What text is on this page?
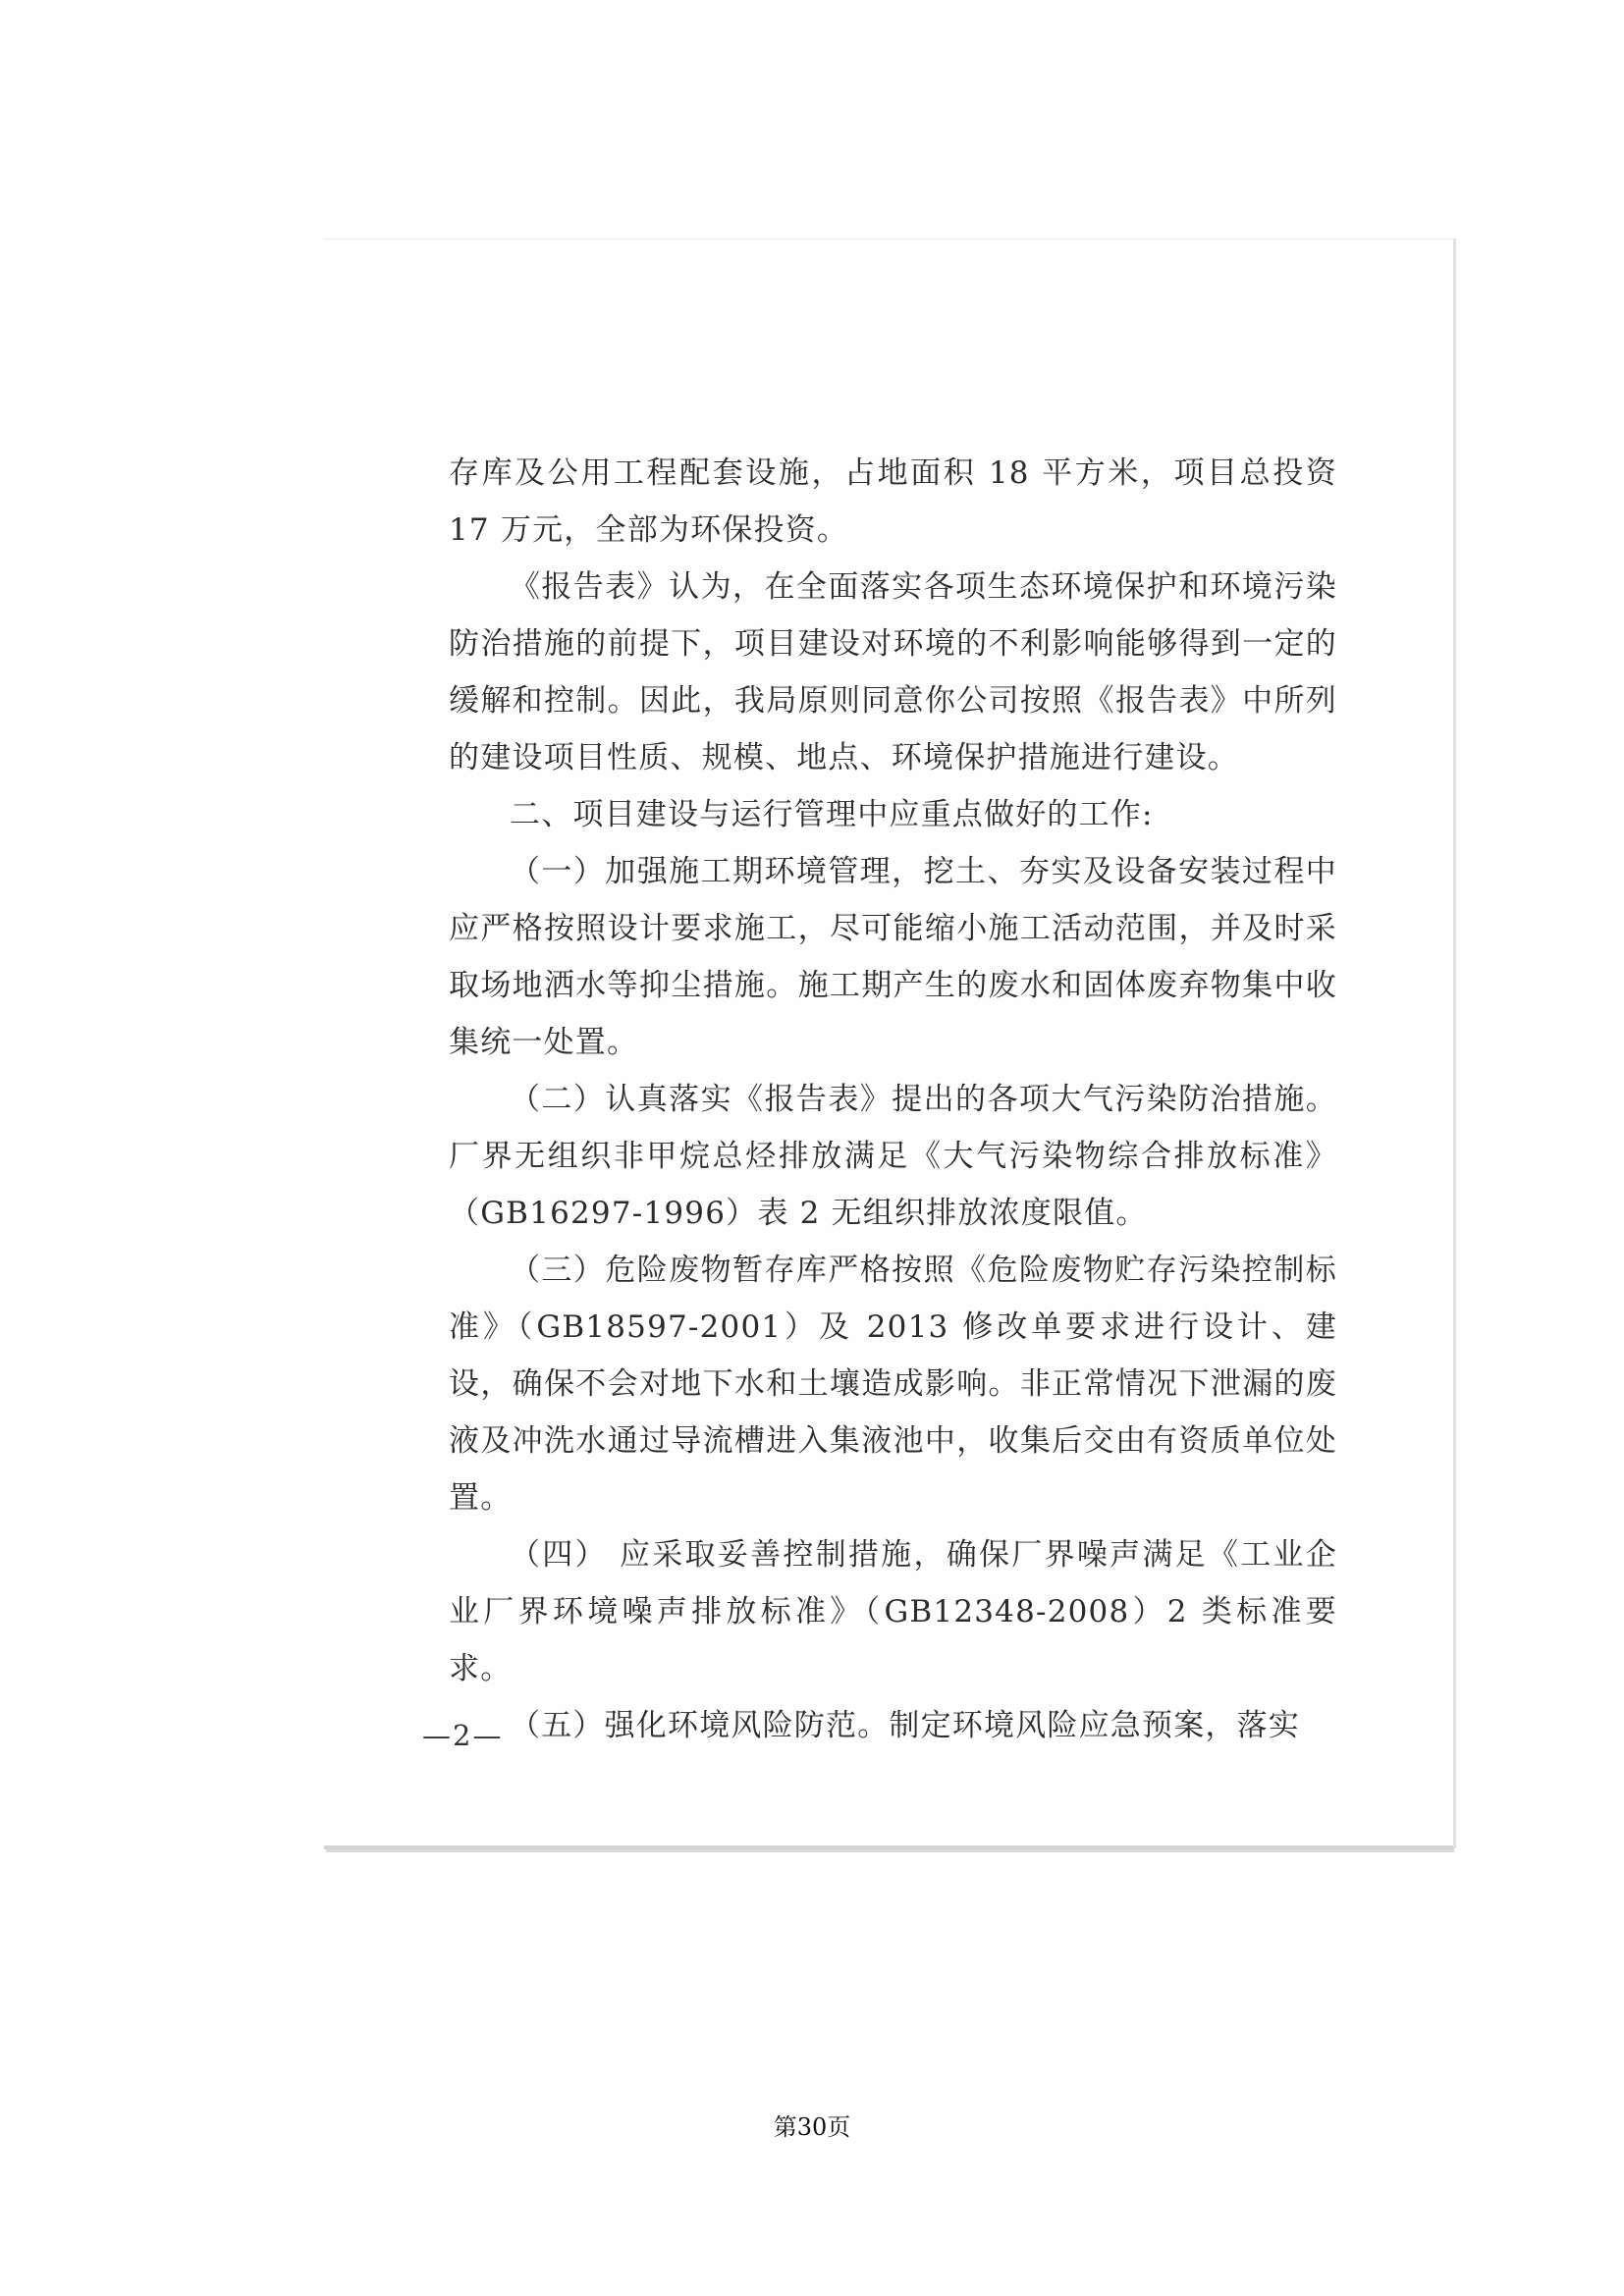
存库及公用工程配套设施，占地面积 18 平方米，项目总投资 17 万元，全部为环保投资。

《报告表》认为，在全面落实各项生态环境保护和环境污染防治措施的前提下，项目建设对环境的不利影响能够得到一定的缓解和控制。因此，我局原则同意你公司按照《报告表》中所列的建设项目性质、规模、地点、环境保护措施进行建设。

二、项目建设与运行管理中应重点做好的工作:

（一）加强施工期环境管理，挖土、夯实及设备安装过程中应严格按照设计要求施工，尽可能缩小施工活动范围，并及时采取场地洒水等抑尘措施。施工期产生的废水和固体废弃物集中收集统一处置。

（二）认真落实《报告表》提出的各项大气污染防治措施。厂界无组织非甲烷总烃排放满足《大气污染物综合排放标准》（GB16297-1996）表 2 无组织排放浓度限值。

（三）危险废物暂存库严格按照《危险废物贮存污染控制标准》（GB18597-2001）及 2013 修改单要求进行设计、建设，确保不会对地下水和土壤造成影响。非正常情况下泄漏的废液及冲洗水通过导流槽进入集液池中，收集后交由有资质单位处置。

（四） 应采取妥善控制措施，确保厂界噪声满足《工业企业厂界环境噪声排放标准》（GB12348-2008）2 类标准要求。

（五）强化环境风险防范。制定环境风险应急预案，落实

—2—
第30页
